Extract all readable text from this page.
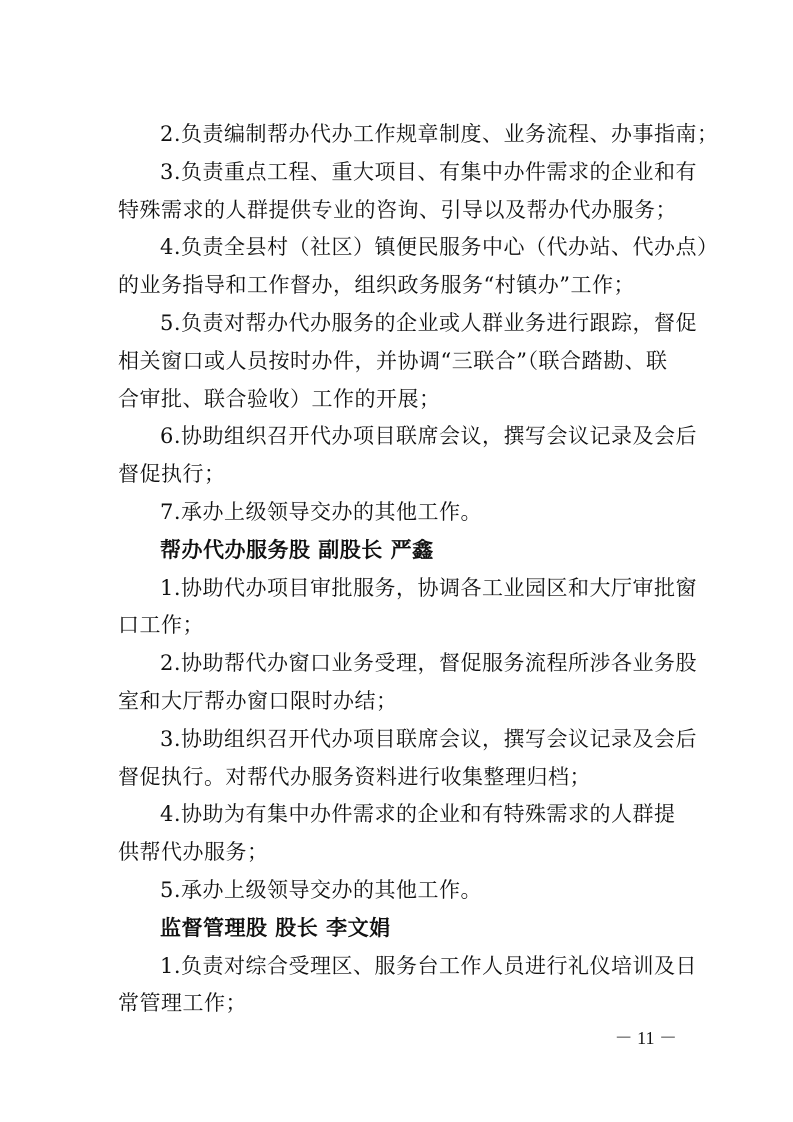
2.负责编制帮办代办工作规章制度、业务流程、办事指南；
3.负责重点工程、重大项目、有集中办件需求的企业和有
特殊需求的人群提供专业的咨询、引导以及帮办代办服务；
4.负责全县村（社区）镇便民服务中心（代办站、代办点）
的业务指导和工作督办，组织政务服务“村镇办”工作；
5.负责对帮办代办服务的企业或人群业务进行跟踪，督促
相关窗口或人员按时办件，并协调“三联合”（联合踏勘、联
合审批、联合验收）工作的开展；
6.协助组织召开代办项目联席会议，撰写会议记录及会后
督促执行；
7.承办上级领导交办的其他工作。
帮办代办服务股 副股长 严鑫
1.协助代办项目审批服务，协调各工业园区和大厅审批窗
口工作；
2.协助帮代办窗口业务受理，督促服务流程所涉各业务股
室和大厅帮办窗口限时办结；
3.协助组织召开代办项目联席会议，撰写会议记录及会后
督促执行。对帮代办服务资料进行收集整理归档；
4.协助为有集中办件需求的企业和有特殊需求的人群提
供帮代办服务；
5.承办上级领导交办的其他工作。
监督管理股 股长 李文娟
1.负责对综合受理区、服务台工作人员进行礼仪培训及日
常管理工作；
－ 11 －
